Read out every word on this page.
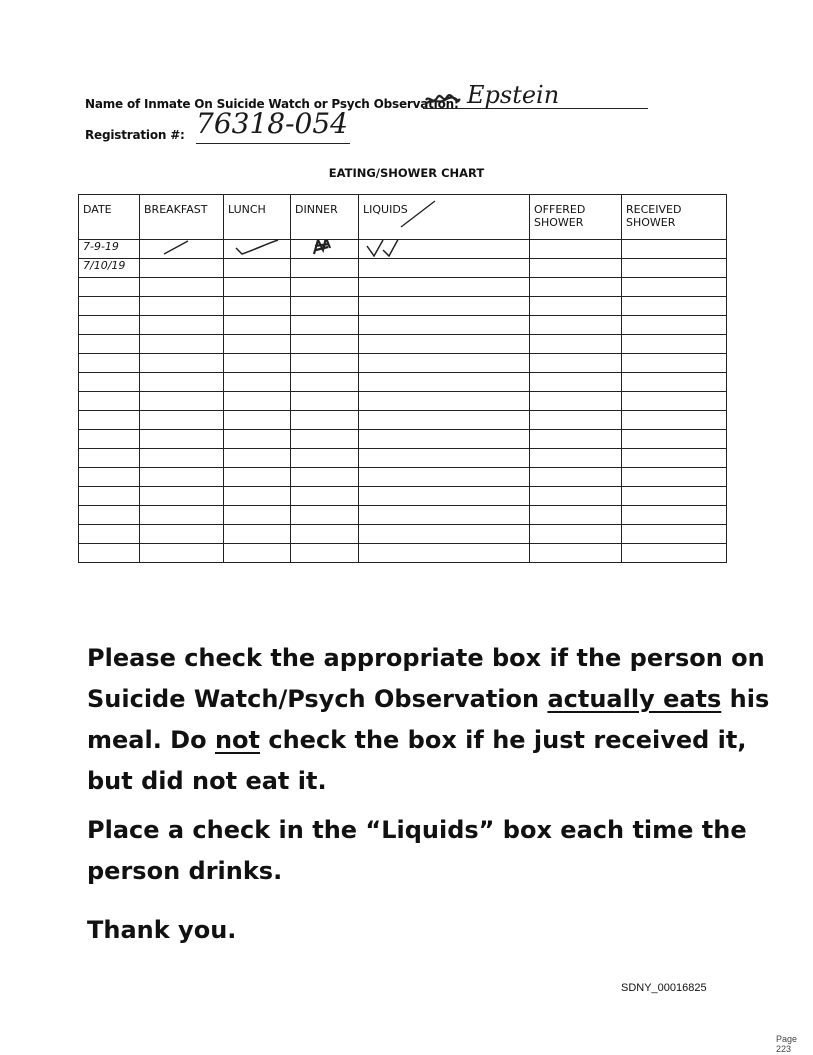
Name of Inmate On Suicide Watch or Psych Observation: Epstein
Registration #: 76318-054
EATING/SHOWER CHART
DATE	BREAKFAST	LUNCH	DINNER	LIQUIDS	OFFERED SHOWER	RECEIVED SHOWER
7-9-19	

7/10/19						

Please check the appropriate box if the person on
Suicide Watch/Psych Observation actually eats his
meal. Do not check the box if he just received it,
but did not eat it.
Place a check in the “Liquids” box each time the
person drinks.
Thank you.
SDNY_00016825
Page 223
